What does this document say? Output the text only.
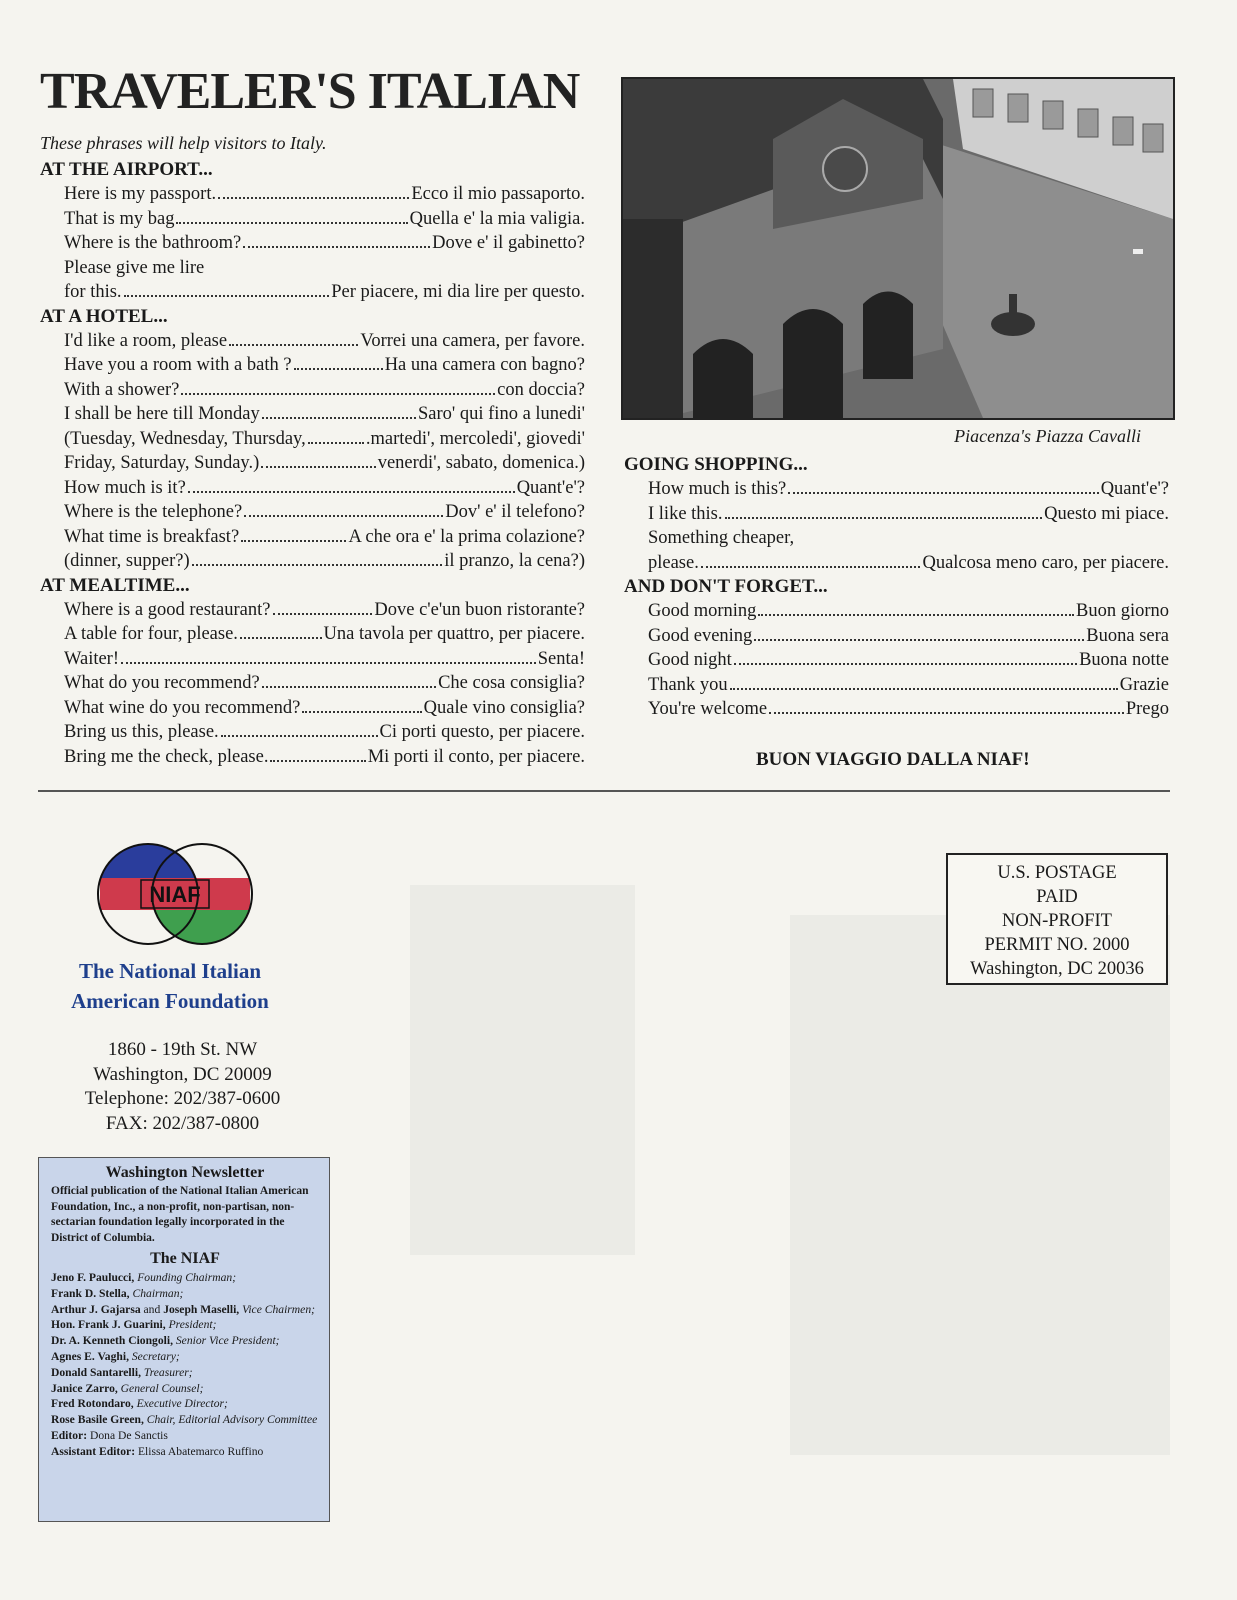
TRAVELER'S ITALIAN
These phrases will help visitors to Italy.
AT THE AIRPORT...
Here is my passport.	Ecco il mio passaporto.
That is my bag	Quella e' la mia valigia.
Where is the bathroom?	Dove e' il gabinetto?
Please give me lire
for this.	Per piacere, mi dia lire per questo.
AT A HOTEL...
I'd like a room, please	Vorrei una camera, per favore.
Have you a room with a bath ?	Ha una camera con bagno?
With a shower?	con doccia?
I shall be here till Monday	Saro' qui fino a lunedi'
(Tuesday, Wednesday, Thursday,	.martedi', mercoledi', giovedi'
Friday, Saturday, Sunday.)	venerdi', sabato, domenica.)
How much is it?	Quant'e'?
Where is the telephone?	Dov' e' il telefono?
What time is breakfast?	A che ora e' la prima colazione?
(dinner, supper?)	il pranzo, la cena?)
AT MEALTIME...
Where is a good restaurant?	Dove c'e'un buon ristorante?
A table for four, please.	Una tavola per quattro, per piacere.
Waiter!	Senta!
What do you recommend?	Che cosa consiglia?
What wine do you recommend?	Quale vino consiglia?
Bring us this, please.	Ci porti questo, per piacere.
Bring me the check, please.	Mi porti il conto, per piacere.
Piacenza's Piazza Cavalli
GOING SHOPPING...
How much is this?	Quant'e'?
I like this.	Questo mi piace.
Something cheaper,
please.	Qualcosa meno caro, per piacere.
AND DON'T FORGET...
Good morning	Buon giorno
Good evening	Buona sera
Good night	Buona notte
Thank you	Grazie
You're welcome	Prego
BUON VIAGGIO DALLA NIAF!
NIAF
The National Italian
American Foundation
1860 - 19th St. NW
Washington, DC 20009
Telephone: 202/387-0600
FAX: 202/387-0800
U.S. POSTAGE
PAID
NON-PROFIT
PERMIT NO. 2000
Washington, DC 20036
Washington Newsletter
Official publication of the National Italian American Foundation, Inc., a non-profit, non-partisan, non-sectarian foundation legally incorporated in the District of Columbia.
The NIAF
Jeno F. Paulucci, Founding Chairman;
Frank D. Stella, Chairman;
Arthur J. Gajarsa and Joseph Maselli, Vice Chairmen;
Hon. Frank J. Guarini, President;
Dr. A. Kenneth Ciongoli, Senior Vice President;
Agnes E. Vaghi, Secretary;
Donald Santarelli, Treasurer;
Janice Zarro, General Counsel;
Fred Rotondaro, Executive Director;
Rose Basile Green, Chair, Editorial Advisory Committee
Editor: Dona De Sanctis
Assistant Editor: Elissa Abatemarco Ruffino
